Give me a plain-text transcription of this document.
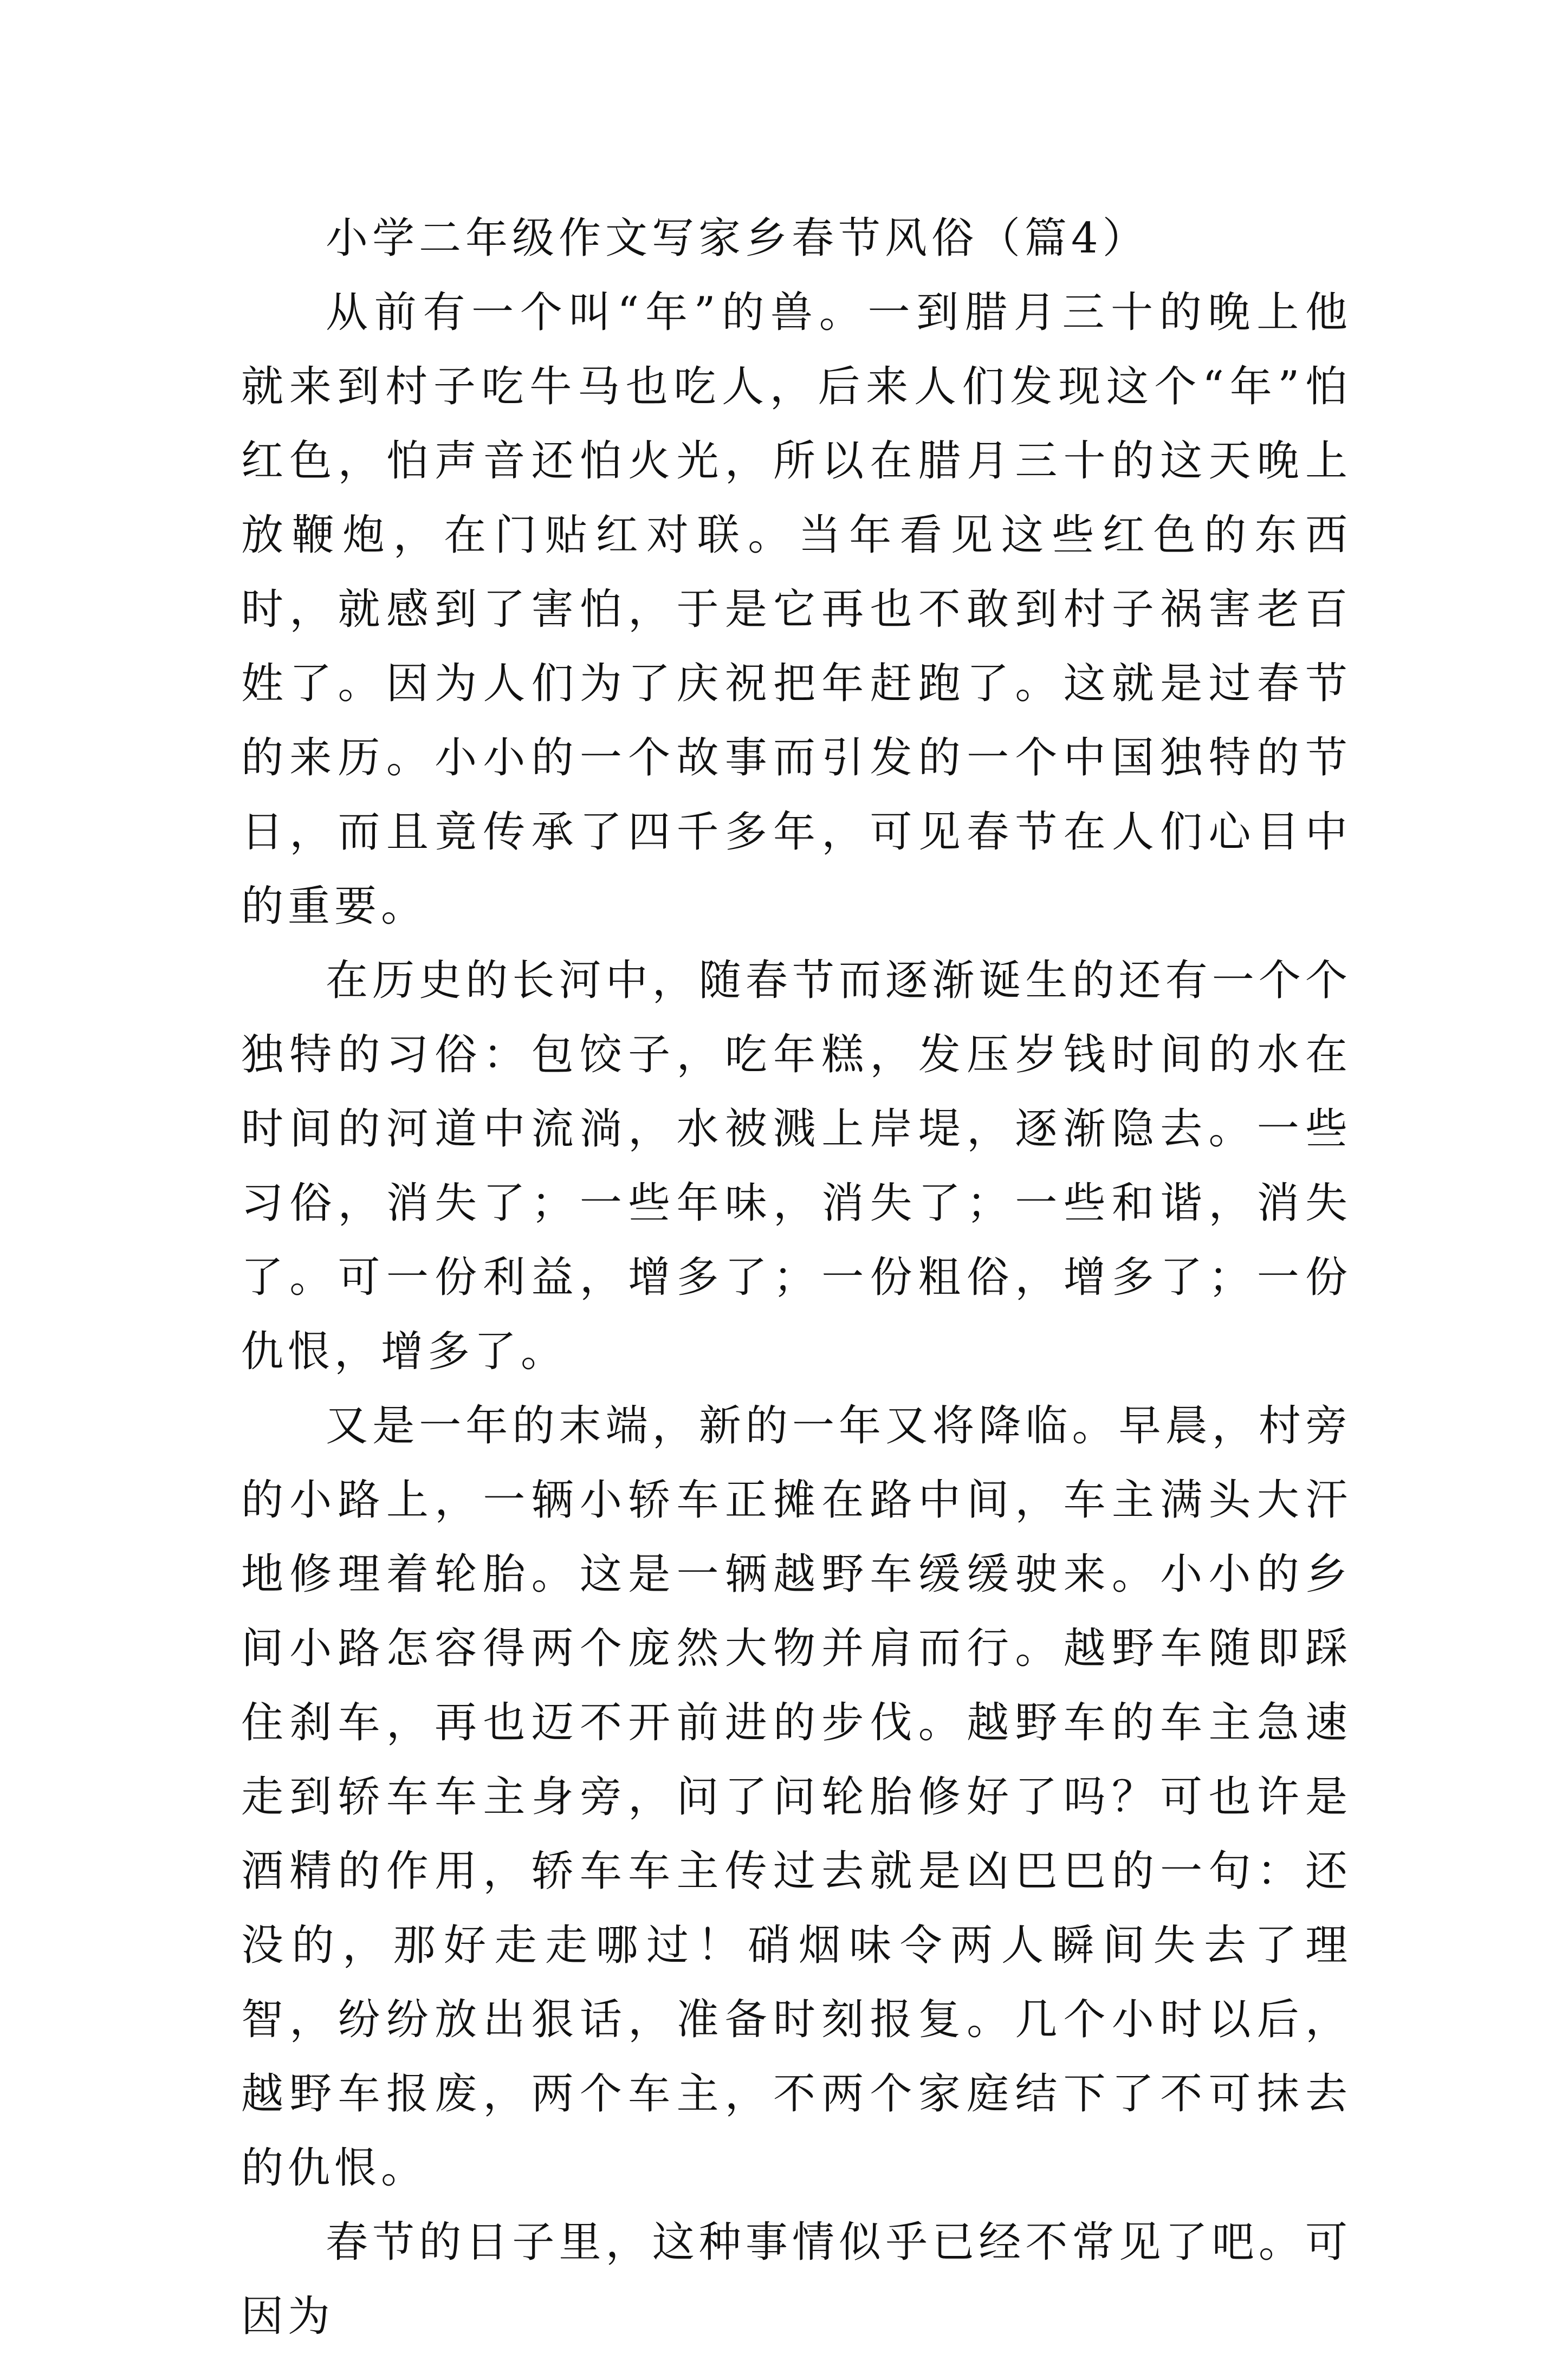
小学二年级作文写家乡春节风俗（篇4）

从前有一个叫“年”的兽。一到腊月三十的晚上他就来到村子吃牛马也吃人，后来人们发现这个“年”怕红色，怕声音还怕火光，所以在腊月三十的这天晚上放鞭炮，在门贴红对联。当年看见这些红色的东西时，就感到了害怕，于是它再也不敢到村子祸害老百姓了。因为人们为了庆祝把年赶跑了。这就是过春节的来历。小小的一个故事而引发的一个中国独特的节日，而且竟传承了四千多年，可见春节在人们心目中的重要。

在历史的长河中，随春节而逐渐诞生的还有一个个独特的习俗：包饺子，吃年糕，发压岁钱时间的水在时间的河道中流淌，水被溅上岸堤，逐渐隐去。一些习俗，消失了；一些年味，消失了；一些和谐，消失了。可一份利益，增多了；一份粗俗，增多了；一份仇恨，增多了。

又是一年的末端，新的一年又将降临。早晨，村旁的小路上，一辆小轿车正摊在路中间，车主满头大汗地修理着轮胎。这是一辆越野车缓缓驶来。小小的乡间小路怎容得两个庞然大物并肩而行。越野车随即踩住刹车，再也迈不开前进的步伐。越野车的车主急速走到轿车车主身旁，问了问轮胎修好了吗？可也许是酒精的作用，轿车车主传过去就是凶巴巴的一句：还没的，那好走走哪过！硝烟味令两人瞬间失去了理智，纷纷放出狠话，准备时刻报复。几个小时以后，越野车报废，两个车主，不两个家庭结下了不可抹去的仇恨。

春节的日子里，这种事情似乎已经不常见了吧。可因为
